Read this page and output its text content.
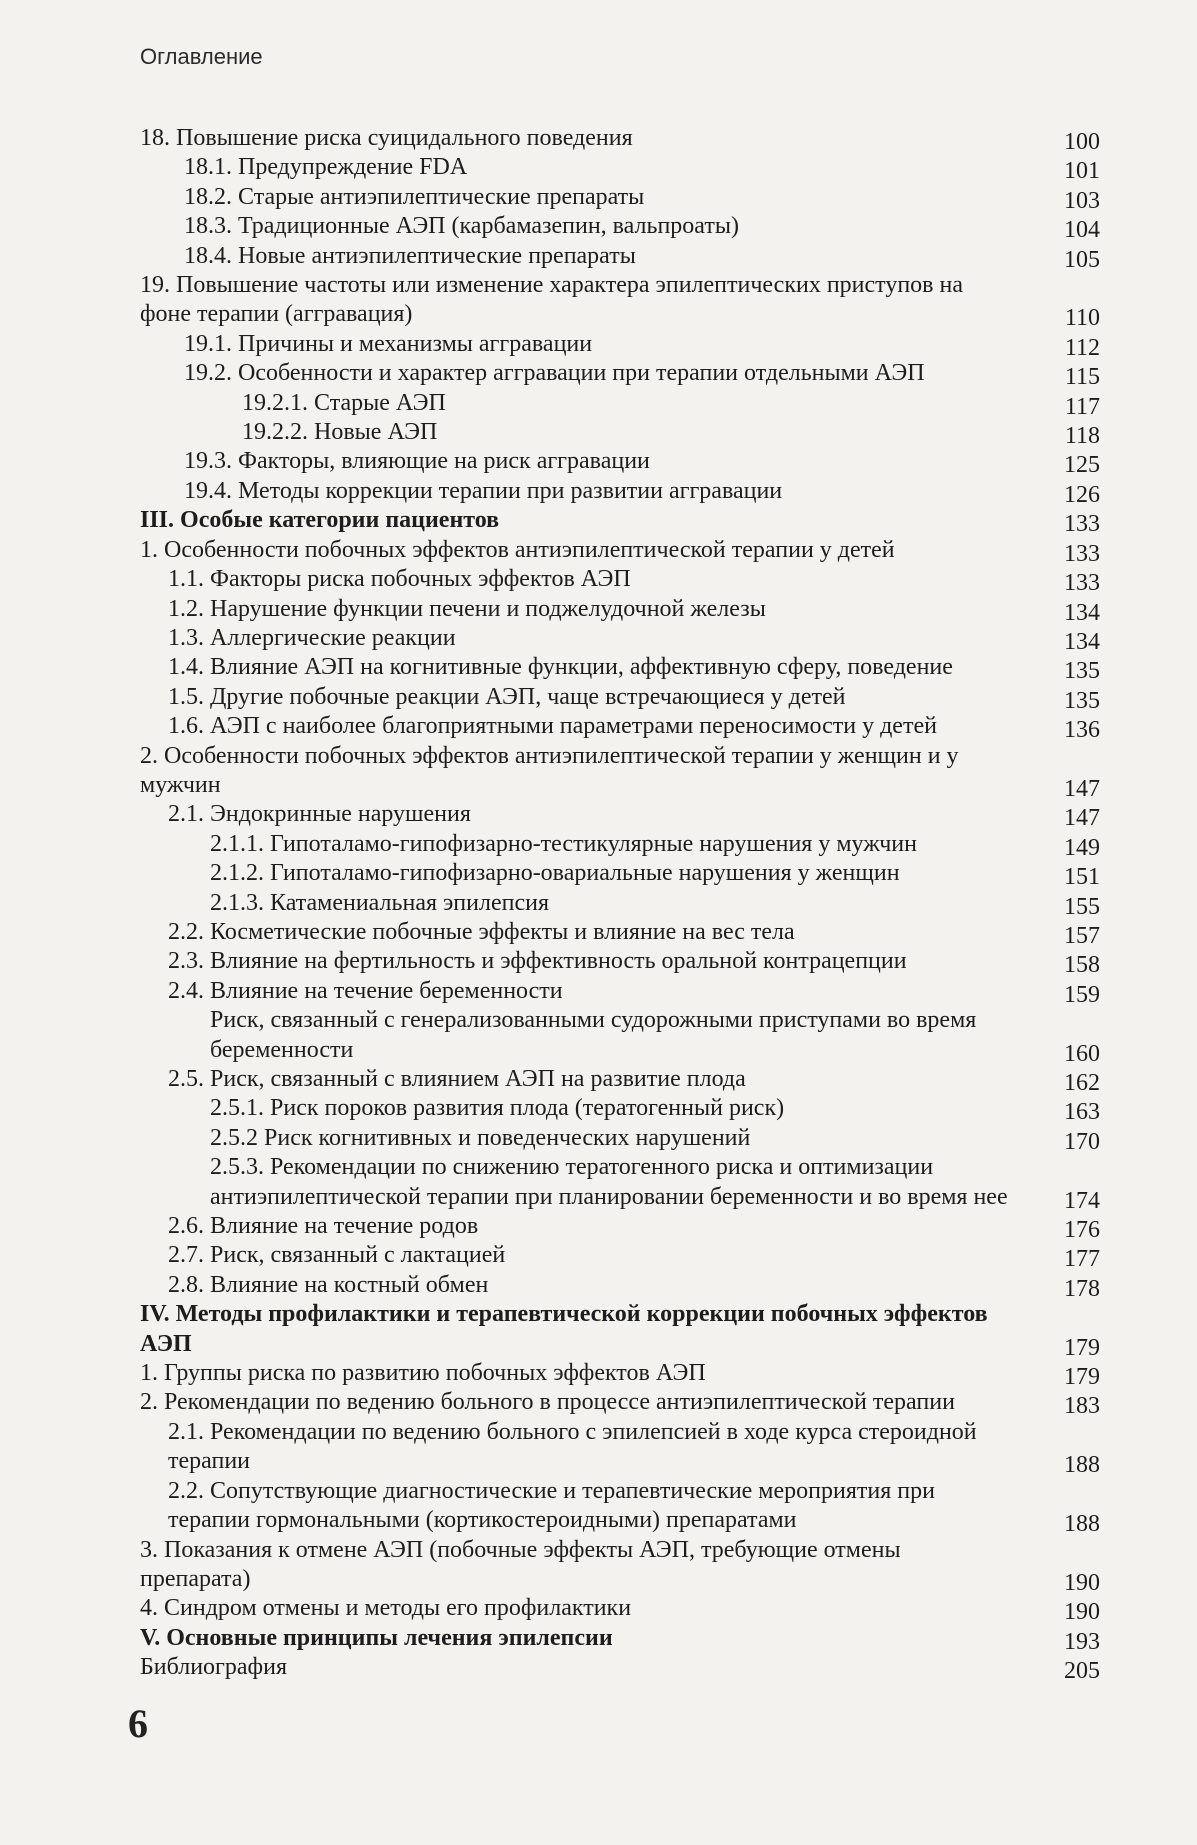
Оглавление
18. Повышение риска суицидального поведения	100
18.1. Предупреждение FDA	101
18.2. Старые антиэпилептические препараты	103
18.3. Традиционные АЭП (карбамазепин, вальпроаты)	104
18.4. Новые антиэпилептические препараты	105
19. Повышение частоты или изменение характера эпилептических приступов на фоне терапии (аггравация)	110
19.1. Причины и механизмы аггравации	112
19.2. Особенности и характер аггравации при терапии отдельными АЭП	115
19.2.1. Старые АЭП	117
19.2.2. Новые АЭП	118
19.3. Факторы, влияющие на риск аггравации	125
19.4. Методы коррекции терапии при развитии аггравации	126
III. Особые категории пациентов	133
1. Особенности побочных эффектов антиэпилептической терапии у детей	133
1.1. Факторы риска побочных эффектов АЭП	133
1.2. Нарушение функции печени и поджелудочной железы	134
1.3. Аллергические реакции	134
1.4. Влияние АЭП на когнитивные функции, аффективную сферу, поведение	135
1.5. Другие побочные реакции АЭП, чаще встречающиеся у детей	135
1.6. АЭП с наиболее благоприятными параметрами переносимости у детей	136
2. Особенности побочных эффектов антиэпилептической терапии у женщин и у мужчин	147
2.1. Эндокринные нарушения	147
2.1.1. Гипоталамо-гипофизарно-тестикулярные нарушения у мужчин	149
2.1.2. Гипоталамо-гипофизарно-овариальные нарушения у женщин	151
2.1.3. Катамениальная эпилепсия	155
2.2. Косметические побочные эффекты и влияние на вес тела	157
2.3. Влияние на фертильность и эффективность оральной контрацепции	158
2.4. Влияние на течение беременности	159
Риск, связанный с генерализованными судорожными приступами во время беременности	160
2.5. Риск, связанный с влиянием АЭП на развитие плода	162
2.5.1. Риск пороков развития плода (тератогенный риск)	163
2.5.2 Риск когнитивных и поведенческих нарушений	170
2.5.3. Рекомендации по снижению тератогенного риска и оптимизации антиэпилептической терапии при планировании беременности и во время нее	174
2.6. Влияние на течение родов	176
2.7. Риск, связанный с лактацией	177
2.8. Влияние на костный обмен	178
IV. Методы профилактики и терапевтической коррекции побочных эффектов АЭП	179
1. Группы риска по развитию побочных эффектов АЭП	179
2. Рекомендации по ведению больного в процессе антиэпилептической терапии	183
2.1. Рекомендации по ведению больного с эпилепсией в ходе курса стероидной терапии	188
2.2. Сопутствующие диагностические и терапевтические мероприятия при терапии гормональными (кортикостероидными) препаратами	188
3. Показания к отмене АЭП (побочные эффекты АЭП, требующие отмены препарата)	190
4. Синдром отмены и методы его профилактики	190
V. Основные принципы лечения эпилепсии	193
Библиография	205
6
